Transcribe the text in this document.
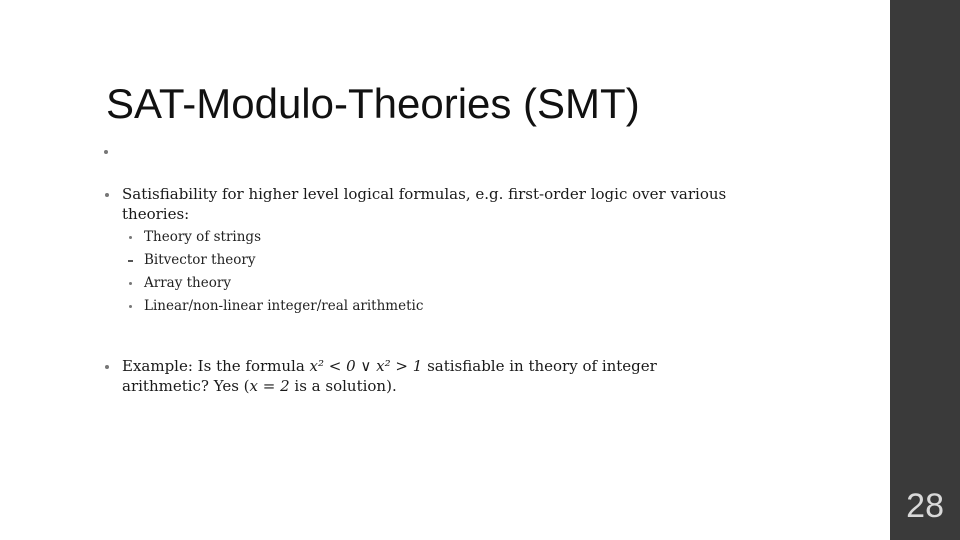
SAT-Modulo-Theories (SMT)
Satisfiability for higher level logical formulas, e.g. first-order logic over various theories:
Theory of strings
Bitvector theory
Array theory
Linear/non-linear integer/real arithmetic
Example: Is the formula x² < 0 ∨ x² > 1 satisfiable in theory of integer arithmetic? Yes (x = 2 is a solution).
28
